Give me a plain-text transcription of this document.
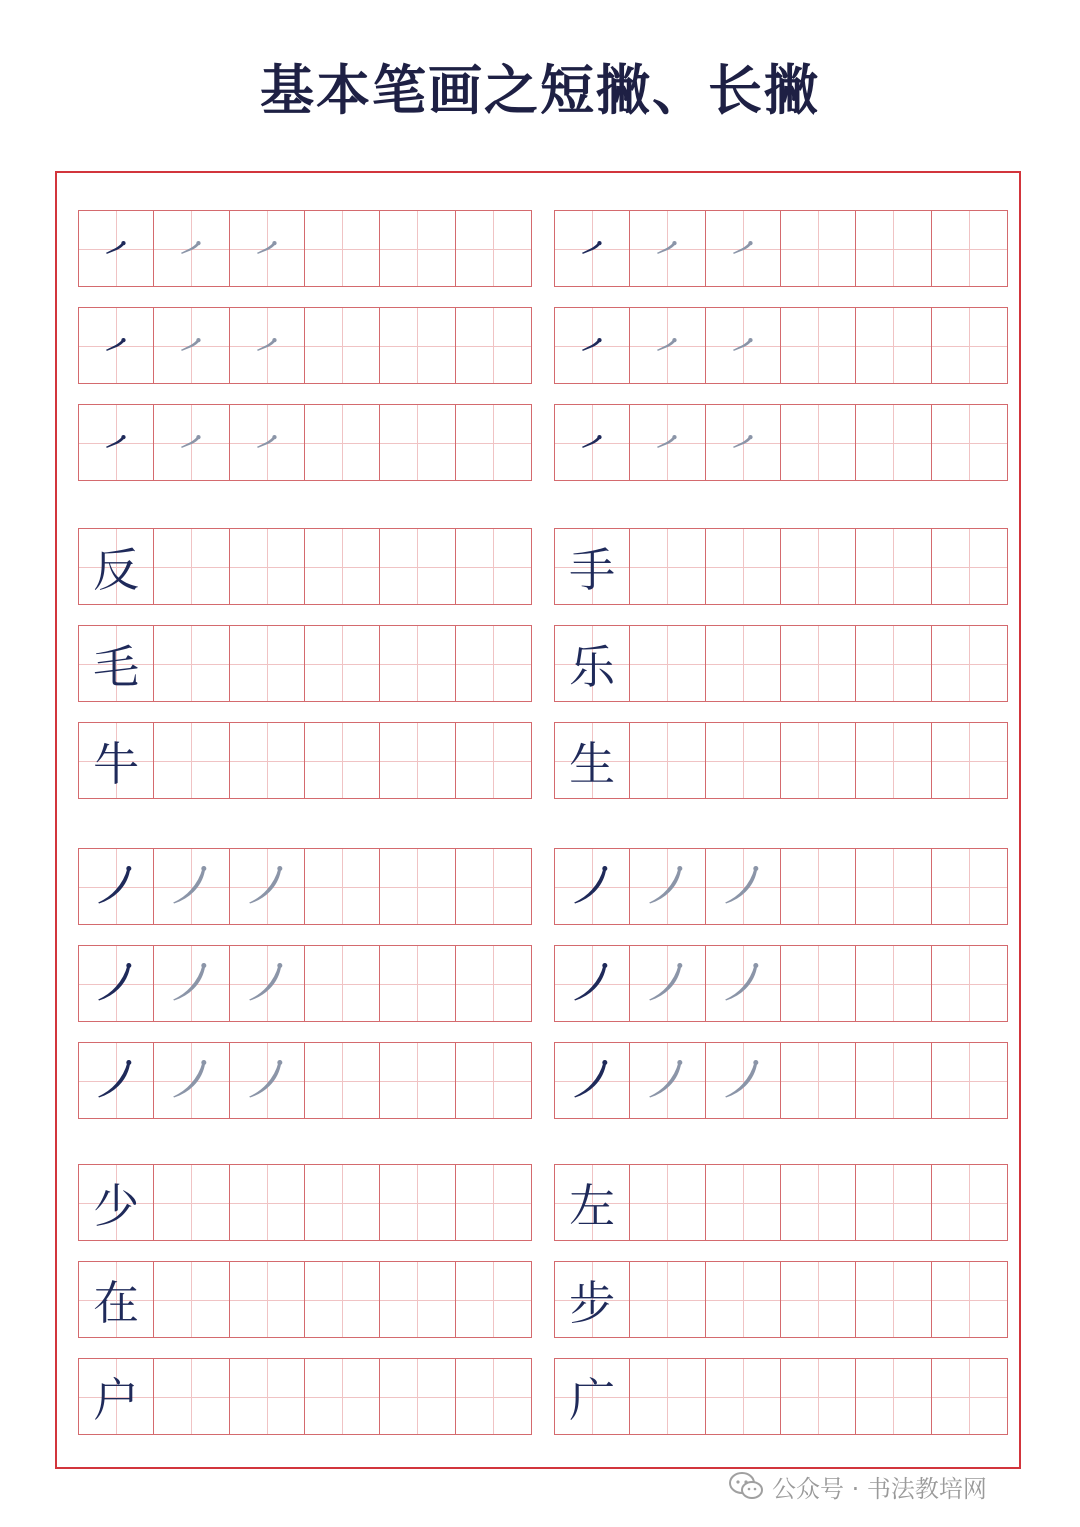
基本笔画之短撇、长撇
反	手
毛	乐
牛	生
少	左
在	步
户	广
公众号 · 书法教培网
